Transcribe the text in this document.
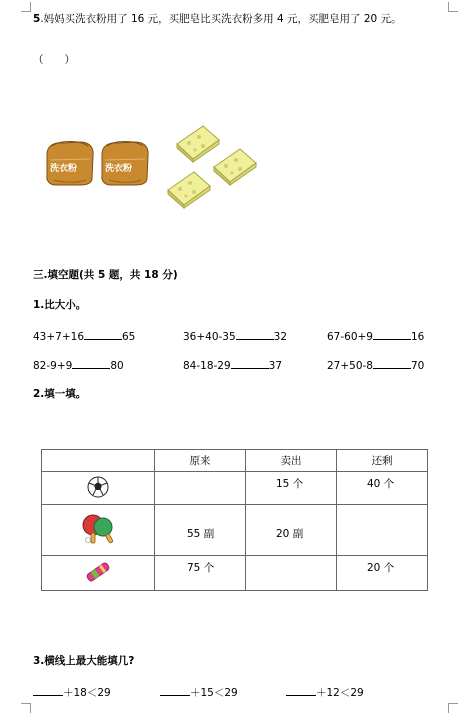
5.妈妈买洗衣粉用了 16 元，买肥皂比买洗衣粉多用 4 元，买肥皂用了 20 元。
（　　）
洗衣粉	洗衣粉
三.填空题(共 5 题，共 18 分)
1.比大小。
43+7+16	65	36+40-35	32	67-60+9	16
82-9+9	80	84-18-29	37	27+50-8	70
2.填一填。
	原来	卖出	还剩
		15 个	40 个
	55 副	20 副	
	75 个		20 个
3.横线上最大能填几?
＋18＜29	＋15＜29	＋12＜29
